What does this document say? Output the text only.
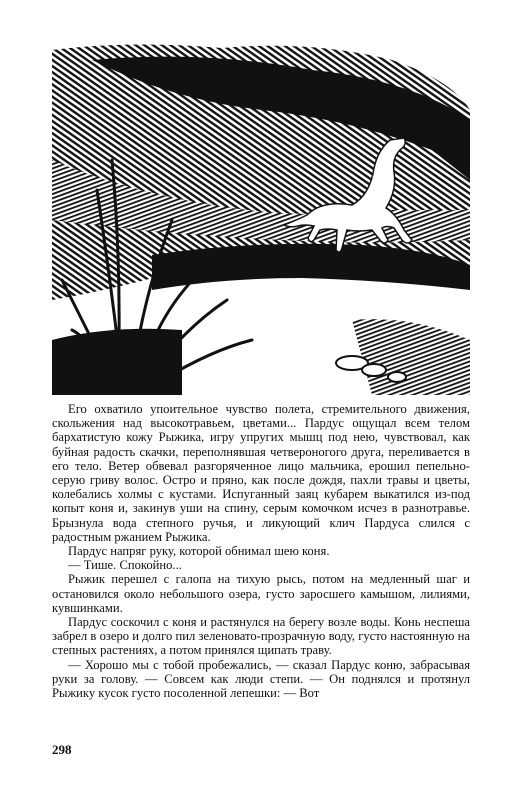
Его охватило упоительное чувство полета, стремительного движения, скольжения над высокотравьем, цветами... Пардус ощущал всем телом бархатистую кожу Рыжика, игру упругих мышц под нею, чувствовал, как буйная радость скачки, переполнявшая четвероногого друга, переливается в его тело. Ветер обвевал разгоряченное лицо мальчика, ерошил пепельно-серую гриву волос. Остро и пряно, как после дождя, пахли травы и цветы, колебались холмы с кустами. Испуганный заяц кубарем выкатился из-под копыт коня и, закинув уши на спину, серым комочком исчез в разнотравье. Брызнула вода степного ручья, и ликующий клич Пардуса слился с радостным ржанием Рыжика.

Пардус напряг руку, которой обнимал шею коня.

— Тише. Спокойно...

Рыжик перешел с галопа на тихую рысь, потом на медленный шаг и остановился около небольшого озера, густо заросшего камышом, лилиями, кувшинками.

Пардус соскочил с коня и растянулся на берегу возле воды. Конь неспеша забрел в озеро и долго пил зеленовато-прозрачную воду, густо настоянную на степных растениях, а потом принялся щипать траву.

— Хорошо мы с тобой пробежались, — сказал Пардус коню, забрасывая руки за голову. — Совсем как люди степи. — Он поднялся и протянул Рыжику кусок густо посоленной лепешки: — Вот

298
